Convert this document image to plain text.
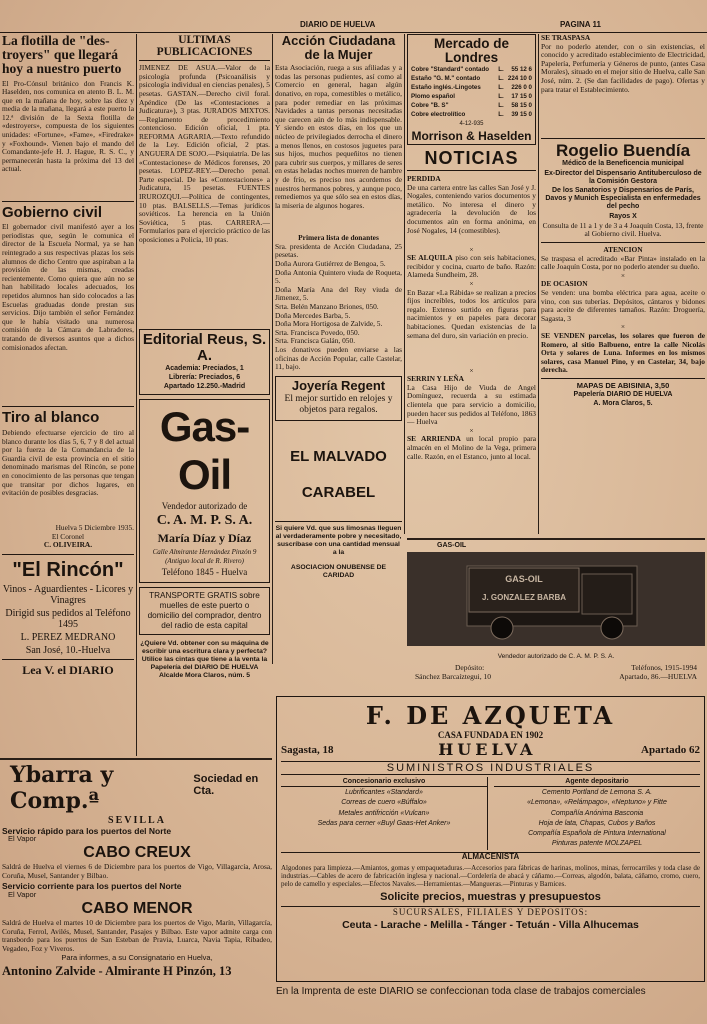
DIARIO DE HUELVA	PAGINA 11

La flotilla de "des-troyers" que llegará hoy a nuestro puerto

El Pro-Cónsul británico don Francis K. Haselden, nos comunica en atento B. L. M. que en la mañana de hoy, sobre las diez y media de la mañana, llegará a este puerto la 12.ª división de la Sexta flotilla de «destroyers», compuesta de los siguientes unidades: «Fortune», «Fame», «Firedrake» y «Foxhound». Vienen bajo el mando del Comandante-jefe H. J. Hague, R. S. C., y permanecerán hasta la próxima del 13 del actual.

Gobierno civil

El gobernador civil manifestó ayer a los periodistas que, según le comunica el director de la Escuela Normal, ya se han reintegrado a sus respectivas plazas los seis alumnos de dicho Centro que aspiraban a la provisión de las mismas, creadas recientemente. Como quiera que aún no se han habilitado locales adecuados, los repetidos alumnos han sido colocados a las Escuelas graduadas donde prestan sus servicios. Dijo también el señor Fernández que le había visitado una numerosa comisión de la Cámara de Labradores, tratando de diversos asuntos que a dichos comisionados afectan.

Tiro al blanco

Debiendo efectuarse ejercicio de tiro al blanco durante los días 5, 6, 7 y 8 del actual por la fuerza de la Comandancia de la Guardia civil de esta provincia en el sitio denominado marismas del Rincón, se pone en conocimiento de las personas que tengan que transitar por dichos lugares, en evitación de posibles desgracias.

Huelva 5 Diciembre 1935.

El Coronel

C. OLIVEIRA.

"El Rincón"

Vinos - Aguardientes - Licores y Vinagres

Dirigid sus pedidos al Teléfono 1495

L. PEREZ MEDRANO

San José, 10.-Huelva

Lea V. el DIARIO

ULTIMAS PUBLICACIONES

JIMENEZ DE ASUA.—Valor de la psicología profunda (Psicoanálisis y psicología individual en ciencias penales), 5 pesetas. GASTAN.—Derecho civil foral. Apéndice (De las «Contestaciones a Judicatura»), 3 ptas. JURADOS MIXTOS.—Reglamento de procedimiento contencioso. Edición oficial, 1 pta. REFORMA AGRARIA.—Texto refundido de la Ley. Edición oficial, 2 ptas. ANGUERA DE SOJO.—Psiquiatría. De las «Contestaciones» de Médicos forenses, 20 pesetas. LOPEZ-REY.—Derecho penal. Parte especial. De las «Contestaciones» a Judicatura, 15 pesetas. FUENTES IRUROZQUI.—Política de contingentes, 10 ptas. BALSELLS.—Temas jurídicos soviéticos. La herencia en la Unión Soviética, 5 ptas. CARRERA.—Formularios para el ejercicio práctico de las oposiciones a Policía, 10 ptas.

Editorial Reus, S. A.

Academia: Preciados, 1

Librería: Preciados, 6

Apartado 12.250.-Madrid

Gas-Oil

Vendedor autorizado de

C. A. M. P. S. A.

María Díaz y Díaz

Calle Almirante Hernández Pinzón 9

(Antiguo local de R. Rivero)

Teléfono 1845 - Huelva

TRANSPORTE GRATIS sobre muelles de este puerto o domicilio del comprador, dentro del radio de esta capital

¿Quiere Vd. obtener con su máquina de escribir una escritura clara y perfecta? Utilice las cintas que tiene a la venta la Papelería del DIARIO DE HUELVA Alcalde Mora Claros, núm. 5

Acción Ciudadana de la Mujer

Esta Asociación, ruega a sus afiliadas y a todas las personas pudientes, así como al Comercio en general, hagan algún donativo, en ropa, comestibles o metálico, para poder remediar en las próximas Navidades a tantas personas necesitadas que carecen aún de lo más indispensable. Y siendo en estos días, en los que un núcleo de privilegiados derrocha el dinero a menos llenos, en costosos juguetes para sus hijos, muchos pequeñitos no tienen para cubrir sus cuerpos, y millares de seres en estas heladas noches mueren de hambre y de frío, es preciso nos acordemos de nuestros hermanos pobres, y aunque poco, remediemos ya que sólo sea en estos días, la miseria de algunos hogares.

Primera lista de donantes

Sra. presidenta de Acción Ciudadana, 25 pesetas.

Doña Aurora Gutiérrez de Bengoa, 5.

Doña Antonia Quintero viuda de Roqueta, 5.

Doña María Ana del Rey viuda de Jimenez, 5.

Srta. Belén Manzano Briones, 050.

Doña Mercedes Barba, 5.

Doña Mora Hortigosa de Zalvide, 5.

Srta. Francisca Povedo, 050.

Srta. Francisca Galán, 050.

Los donativos pueden enviarse a las oficinas de Acción Popular, calle Castelar, 11, bajo.

Joyería Regent

El mejor surtido en relojes y objetos para regalos.

EL MALVADO

CARABEL

Si quiere Vd. que sus limosnas lleguen al verdaderamente pobre y necesitado, suscríbase con una cantidad mensual a la

ASOCIACION ONUBENSE DE CARIDAD

Mercado de Londres

Cobre "Standard" contado	L.	55 12 6
Estaño "G. M." contado	L.	224 10 0
Estaño inglés.-Lingotes	L.	226 0 0
Plomo español	L.	17 15 0
Cobre "B. S"	L.	58 15 0
Cobre electrolítico	L.	39 15 0

4-12-935

Morrison & Haselden

NOTICIAS

PERDIDA

De una cartera entre las calles San José y J. Nogales, conteniendo varios documentos y metálico. No interesa el dinero y agradecería la devolución de los documentos aún en forma anónima, en José Nogales, 14 (comestibles).

×

SE ALQUILA piso con seis habitaciones, recibidor y cocina, cuarto de baño. Razón: Alameda Sundheim, 28.

×

En Bazar «La Rábida» se realizan a precios fijos increíbles, todos los artículos para regalo. Extenso surtido en figuras para nacimientos y en papeles para decorar habitaciones. Quedan existencias de la semana del duro, sin variación en precio.

×

SERRIN Y LEÑA

La Casa Hijo de Viuda de Angel Domínguez, recuerda a su estimada clientela que para servicio a domicilio, pueden hacer sus pedidos al Teléfono, 1863 — Huelva

×

SE ARRIENDA un local propio para almacén en el Molino de la Vega, primera calle. Razón, en el Estanco, junto al local.

SE TRASPASA

Por no poderlo atender, con o sin existencias, el conocido y acreditado establecimiento de Electricidad, Papelería, Perfumería y Géneros de punto, (antes Casa Morales), situado en el mejor sitio de Huelva, calle San José, núm. 2. (Se dan facilidades de pago). Ofertas y para tratar el Establecimiento.

Rogelio Buendía

Médico de la Beneficencia municipal

Ex-Director del Dispensario Antituberculoso de la Comisión Gestora

De los Sanatorios y Dispensarios de París, Davos y Munich Especialista en enfermedades del pecho

Rayos X

Consulta de 11 a 1 y de 3 a 4 Joaquín Costa, 13, frente al Gobierno civil. Huelva.

ATENCION

Se traspasa el acreditado «Bar Pinta» instalado en la calle Joaquín Costa, por no poderlo atender su dueño.

×

DE OCASION

Se venden: una bomba eléctrica para agua, aceite o vino, con sus tuberías. Depósitos, cántaros y bidones para aceite de diferentes tamaños. Razón: Droguería, Sagasta, 3

×

SE VENDEN parcelas, los solares que fueron de Romero, al sitio Balbueno, entre la calle Nicolás Orta y solares de Luna. Informes en los mismos solares, casa Manuel Pino, y en Castelar, 34, bajo derecha.

MAPAS DE ABISINIA, 3,50

Papelería DIARIO DE HUELVA

A. Mora Claros, 5.

GAS-OIL

GAS-OIL
J. GONZALEZ BARBA

Vendedor autorizado de C. A. M. P. S. A.

Depósito:	Teléfonos, 1915-1994
Sánchez Barcaíztegui, 10	Apartado, 86.—HUELVA

F. DE AZQUETA

CASA FUNDADA EN 1902

Sagasta, 18	HUELVA	Apartado 62

SUMINISTROS INDUSTRIALES

Concesionario exclusivo

Lubrificantes «Standard»

Correas de cuero «Búffalo»

Metales antifricción «Vulcan»

Sedas para cerner «Buyl Gaas-Het Anker»

Agente depositario

Cemento Portland de Lemona S. A.

«Lemona», «Relámpago», «Neptuno» y Fitte

Compañía Anónima Basconia

Hoja de lata, Chapas, Cubos y Baños

Compañía Española de Pintura International

Pinturas patente MOLZAPEL

ALMACENISTA

Algodones para limpieza.—Amiantos, gomas y empaquetaduras.—Accesorios para fábricas de harinas, molinos, minas, ferrocarriles y toda clase de industrias.—Cables de acero de fabricación inglesa y nacional.—Cordelería de abacá y cáñamo.—Correas, algodón, balata, cáñamo, cromo, cuero, pelo de camello y especiales.—Efectos Navales.—Herramientas.—Mangueras.—Pinturas y Barnices.

Solicite precios, muestras y presupuestos

SUCURSALES, FILIALES Y DEPOSITOS:

Ceuta - Larache - Melilla - Tánger - Tetuán - Villa Alhucemas

Ybarra y Comp.ª
Sociedad en Cta.

SEVILLA

Servicio rápido para los puertos del Norte

El Vapor

CABO CREUX

Saldrá de Huelva el viernes 6 de Diciembre para los puertos de Vigo, Villagarcía, Arosa, Coruña, Musel, Santander y Bilbao.

Servicio corriente para los puertos del Norte

El Vapor

CABO MENOR

Saldrá de Huelva el martes 10 de Diciembre para los puertos de Vigo, Marín, Villagarcía, Coruña, Ferrol, Avilés, Musel, Santander, Pasajes y Bilbao. Este vapor admite carga con transbordo para los puertos de San Esteban de Pravia, Luarca, Navia Tapia, Ribadeo, Vegadeo, Foz y Viveros.

Para informes, a su Consignatario en Huelva,

Antonino Zalvide - Almirante H Pinzón, 13

En la Imprenta de este DIARIO se confeccionan toda clase de trabajos comerciales
